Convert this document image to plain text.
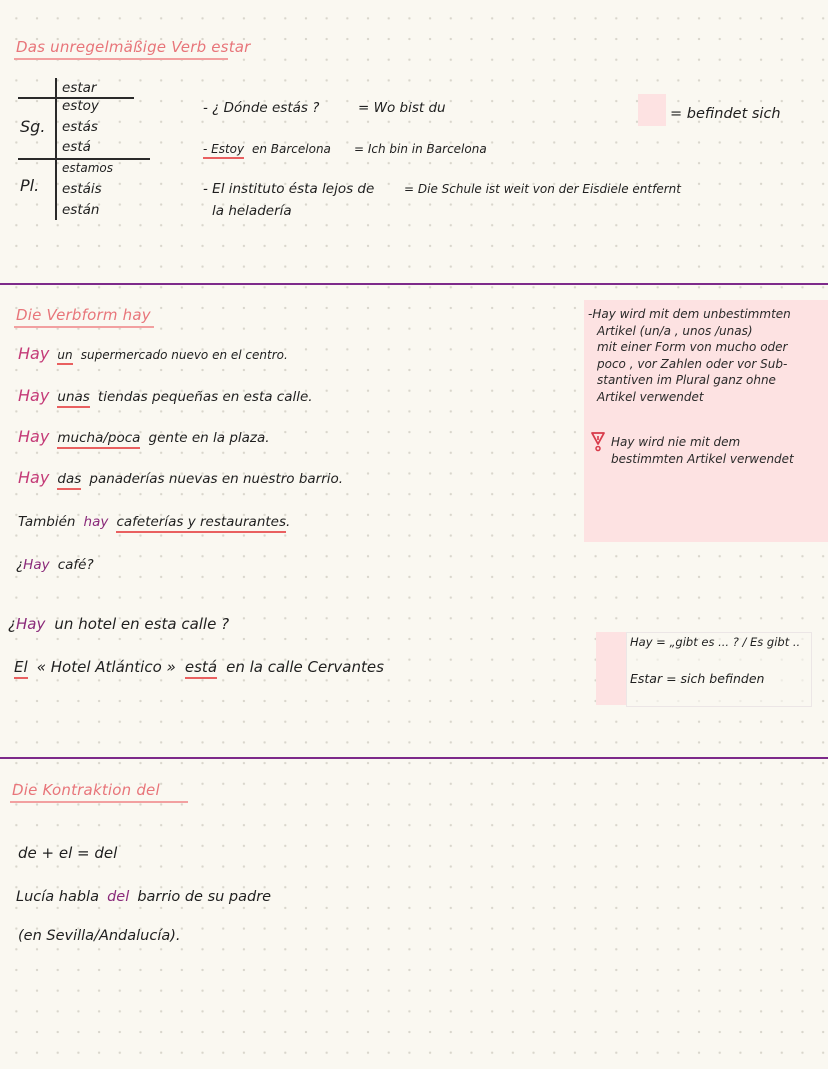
Das unregelmäßige Verb estar
estar
Sg.
Pl.
estoy
estás
está
estamos
estáis
están
- ¿ Dónde estás ?	= Wo bist du
- Estoy en Barcelona = Ich bin in Barcelona
- El instituto ésta lejos de
la heladería
= Die Schule ist weit von der Eisdiele entfernt
= befindet sich
Die Verbform hay
Hay un supermercado nuevo en el centro.
Hay unas tiendas pequeñas en esta calle.
Hay mucha/poca gente en la plaza.
Hay das panaderías nuevas en nuestro barrio.
También hay cafeterías y restaurantes.
¿Hay café?
-Hay wird mit dem unbestimmten
Artikel (un/a , unos /unas)
mit einer Form von mucho oder
poco , vor Zahlen oder vor Sub-
stantiven im Plural ganz ohne
Artikel verwendet
Hay wird nie mit dem
bestimmten Artikel verwendet
¿Hay un hotel en esta calle ?
El « Hotel Atlántico » está en la calle Cervantes
Hay = „gibt es ... ? / Es gibt ..
Estar = sich befinden
Die Kontraktion del
de + el = del
Lucía habla del barrio de su padre
(en Sevilla/Andalucía).
